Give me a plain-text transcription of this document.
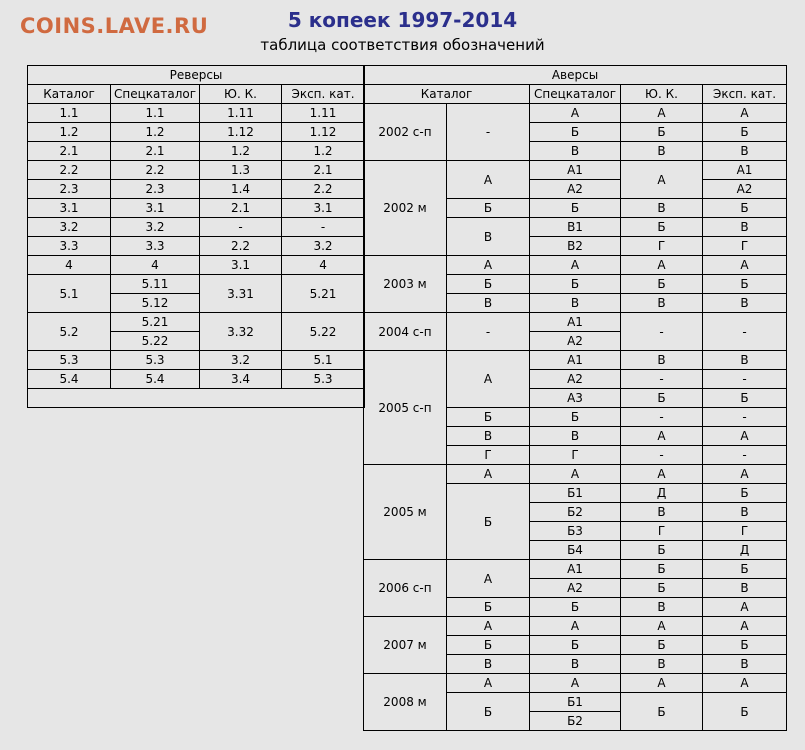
COINS.LAVE.RU	5 копеек 1997-2014
таблица соответствия обозначений
Реверсы			
Каталог	Спецкаталог	Ю. К.	Эксп. кат.
1.1	1.1	1.11	1.11
1.2	1.2	1.12	1.12
2.1	2.1	1.2	1.2
2.2	2.2	1.3	2.1
2.3	2.3	1.4	2.2
3.1	3.1	2.1	3.1
3.2	3.2	-	-
3.3	3.3	2.2	3.2
4	4	3.1	4
5.1	5.11	3.31	5.21
	5.12		
5.2	5.21	3.32	5.22
	5.22		
5.3	5.3	3.2	5.1
5.4	5.4	3.4	5.3

Аверсы				
Каталог		Спецкаталог	Ю. К.	Эксп. кат.
2002 с-п	-	А	А	А
		Б	Б	Б
		В	В	В
2002 м	А	А1	А	А1
		А2		А2
	Б	Б	В	Б
	В	В1	Б	В
		В2	Г	Г
2003 м	А	А	А	А
	Б	Б	Б	Б
	В	В	В	В
2004 с-п	-	А1	-	-
		А2		
2005 с-п	А	А1	В	В
		А2	-	-
		А3	Б	Б
	Б	Б	-	-
	В	В	А	А
	Г	Г	-	-
2005 м	А	А	А	А
	Б	Б1	Д	Б
		Б2	В	В
		Б3	Г	Г
		Б4	Б	Д
2006 с-п	А	А1	Б	Б
		А2	Б	В
	Б	Б	В	А
2007 м	А	А	А	А
	Б	Б	Б	Б
	В	В	В	В
2008 м	А	А	А	А
	Б	Б1	Б	Б
		Б2		
